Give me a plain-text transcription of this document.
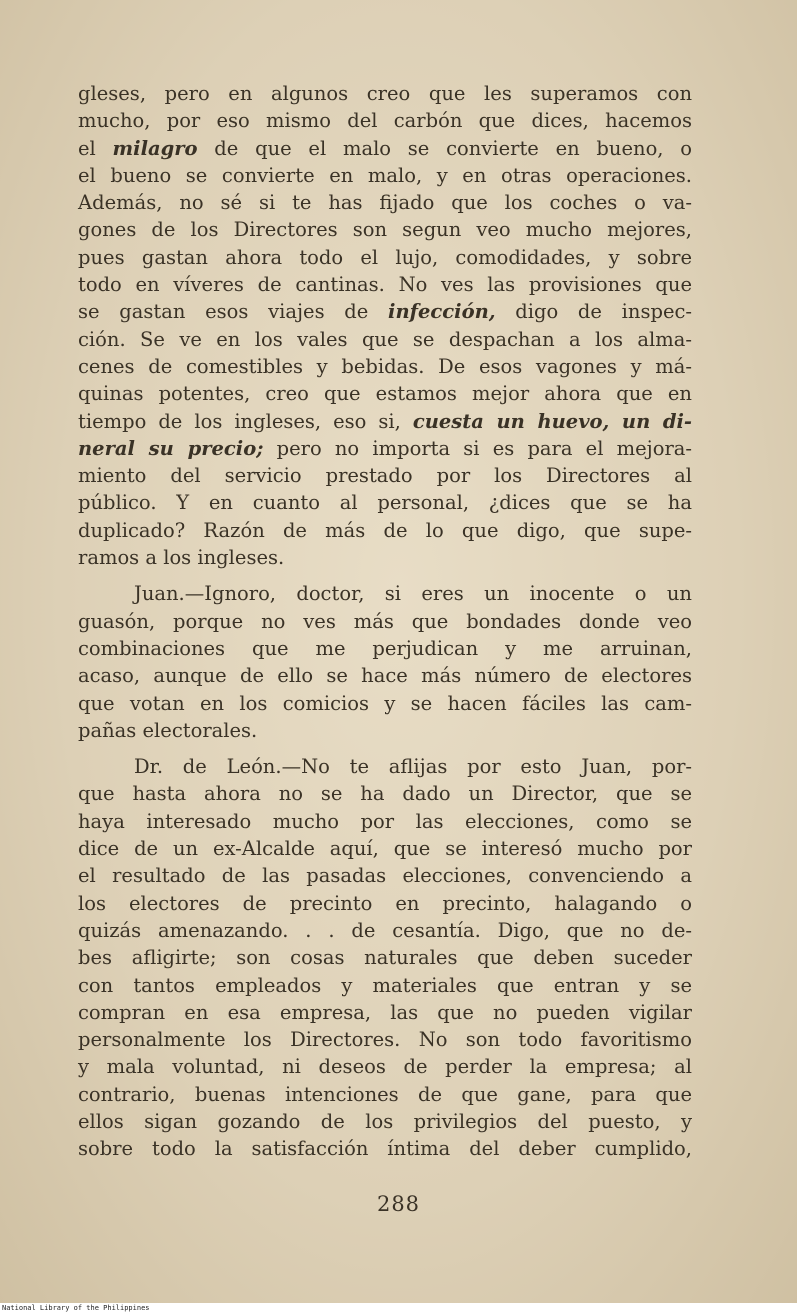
gleses, pero en algunos creo que les superamos con
mucho, por eso mismo del carbón que dices, hacemos
el milagro de que el malo se convierte en bueno, o
el bueno se convierte en malo, y en otras operaciones.
Además, no sé si te has fijado que los coches o va-
gones de los Directores son segun veo mucho mejores,
pues gastan ahora todo el lujo, comodidades, y sobre
todo en víveres de cantinas. No ves las provisiones que
se gastan esos viajes de infección, digo de inspec-
ción. Se ve en los vales que se despachan a los alma-
cenes de comestibles y bebidas. De esos vagones y má-
quinas potentes, creo que estamos mejor ahora que en
tiempo de los ingleses, eso si, cuesta un huevo, un di-
neral su precio; pero no importa si es para el mejora-
miento del servicio prestado por los Directores al
público. Y en cuanto al personal, ¿dices que se ha
duplicado? Razón de más de lo que digo, que supe-
ramos a los ingleses.
Juan.—Ignoro, doctor, si eres un inocente o un
guasón, porque no ves más que bondades donde veo
combinaciones que me perjudican y me arruinan,
acaso, aunque de ello se hace más número de electores
que votan en los comicios y se hacen fáciles las cam-
pañas electorales.
Dr. de León.—No te aflijas por esto Juan, por-
que hasta ahora no se ha dado un Director, que se
haya interesado mucho por las elecciones, como se
dice de un ex-Alcalde aquí, que se interesó mucho por
el resultado de las pasadas elecciones, convenciendo a
los electores de precinto en precinto, halagando o
quizás amenazando. . . de cesantía. Digo, que no de-
bes afligirte; son cosas naturales que deben suceder
con tantos empleados y materiales que entran y se
compran en esa empresa, las que no pueden vigilar
personalmente los Directores. No son todo favoritismo
y mala voluntad, ni deseos de perder la empresa; al
contrario, buenas intenciones de que gane, para que
ellos sigan gozando de los privilegios del puesto, y
sobre todo la satisfacción íntima del deber cumplido,
288
National Library of the Philippines
